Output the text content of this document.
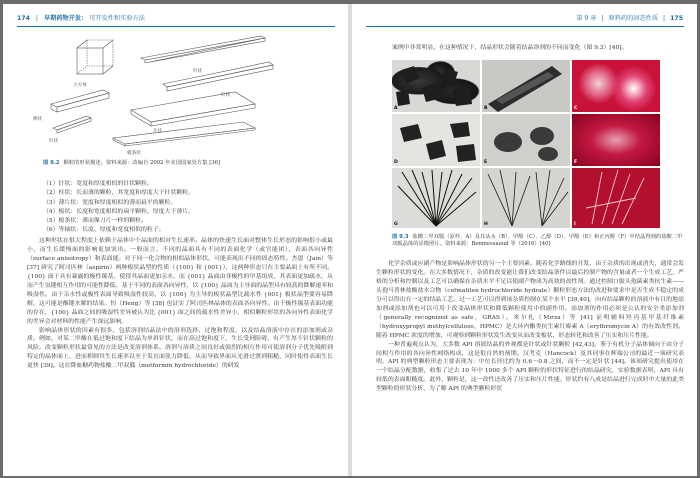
174 | 早期药物开发： 可开发性和实验方法
立方体
针状
针状
棒状
片状
针状
板条状
图 9.2 颗粒的形状描述，资料来源：改编自 2002 年美国国家处方集 [36]
（1）针状：宽度和厚度相似的针状颗粒。
（2）柱状：长而薄的颗粒，其宽度和厚度大于针状颗粒。
（3）薄片状：宽度和厚度相似的薄而扁平的颗粒。
（4）板状：长度和宽度相似的扁平颗粒，厚度大于薄片。
（5）板条状：薄而像刀片一样的颗粒。
（6）等轴状：长度、厚度和宽度相似的粒子。

这种形状在很大程度上依赖于晶体中个晶面的相对生长速率。晶体的快速生长面对整体生长形态的影响很小或最小，而生长缓慢面的影响更加突出。一般而言，不同的晶面具有不同的表面化学（或官能团）、表面各向异性（surface anisotropy）和表面能。对于同一化合物的相似晶体形状，可能表现出不同的固态特性。杰恩（Jain）等 [37] 研究了阿司匹林（aspirin）两种板状晶型的性质（{100} 和 {001}），这两种形态只在主要晶面上有所不同。{100} 面于具有暴露的极性羰基，使得其晶面更加亲水，而 {001} 晶面由非极性的甲基组成，其表面更加疏水，从而产生氢键相互作用的可能性降低。基于不同的表面各向异性，以 {100} 晶面为主导面的晶型具有较高的降解速率和吸湿性。由于亲水性或极性表面导致吸湿性较高，以 {100} 为主导的板状晶型比疏水性 {001} 板状晶型要容易降解，这可能是酯键水解的结果。恒（Heng）等 [38] 也证实了阿司匹林晶体的表面各向异性。由于极性羰基表面功能的存在，{100} 晶面之间的吸湿性差异被认为比 {001} 面之间的疏水性差异小，相似颗粒形状的各向异性表面化学的差异会对材料的性能产生深远影响。

影响晶体形状的因素有很多，包括溶剂结晶法中的溶剂选择、过饱和程度，以及结晶溶液中存在的添加剂或杂质。例如，对某二甲酸在低过饱和度下结晶为单斜针状，而在高过饱和度下，生长受到阻碍，有产生厚不针状颗粒的风险。改变颗粒形状最常见的方法是改变溶剂体系。溶剂与溶质之间良好或强烈的相互作用可使溶剂分子优先吸附到特定的晶体面上，进而抑制其生长速率以至于发育面张力降低，从而导致界面从光滑过渡到粗糙，同时使得表面生长更快 [39]。这在降血糖药物盐酸二甲双胍（metformin hydrochloride）的研发

第 9 章 | 原料药的固态性质 | 175

案例中非常明显，在这种情况下，结晶形状会随着结晶溶剂的不同而变化（图 9.3）[40]。

A	B	C
D	E	F
G	H	I
图 9.3 盐酸二甲双胍（原样，A）及其从水（B）、甲醇（C）、乙醇（D）、甲醇（E）和正丙醇（F）中结晶得到的盐酸二甲双胍晶体的显微照片。资料来源：Benmessaoud 等（2016）[40]

化学杂质或应副产物是影响晶体形状的另一个主要因素。随着化学路线的开发，由于杂质的出现或消失，通常会发生颗粒形状的变化。在大多数情况下，杂质的改变能让我们改变结晶条件以最后控制产物的含量或者一个生成工艺，严格的分析和控制以及工艺可以确保在杂质水平不足以使副产物成为高效的改性剂。通过控制口服头孢菌素类抗生素——头孢马普林盐酸盐水合物（cefmatilen hydrochloride hydrate）颗粒形态方法的改进和要求中是否生成不稳定的成分可以得出在一定的结晶工艺、过一工艺可以得到该杂质控制在某个水平 [39,40]。向有结晶颗粒的溶液中有目的地添加剂或添加剂也可以可用于改变晶体形状和降低颗粒使用中的副作用。添加剂的作用必须是公认的安全类添加剂（generally recognized as safe，GRAS）。米尔扎（Mirza）等 [41] 证明辅料羟丙基甲基纤维素（hydroxypropyl methylcellulose，HPMC）是大环内酯类抗生素红霉素 A（erythromycin A）的有效改性剂。随着 HPMC 浓度的增加，可观察到颗粒形状发生改变从而改变板状、形态转化和改善了压实和压片性能。

一种普遍观点认为，大多数 API 溶液结晶的外观都是针状或针状颗粒 [42,43]。鉴于有机分子晶体倾向于由分子间相互作用的各向异性网络构成，这是很自然的预期。汉考克（Hancock）及其同事在辉瑞公司的最近一项研究表明，API 的典型颗粒形态主要表现为：中位长径比约为 0.6～0.8 之间，而不一定是针状 [44]。该项研究提出使用在一个结晶分配数据，收集了过去 10 年中 1000 多个 API 颗粒的形状特征进行的结晶研究，实验数据表明，API 具有较低的表面粗糙度。此外，颗粒是，这一改性还改善了压实和压片性能。形状约有八成是结晶进行完成时中大量的此类型颗粒的形状分析，为了解 API 的典型颗粒形状
